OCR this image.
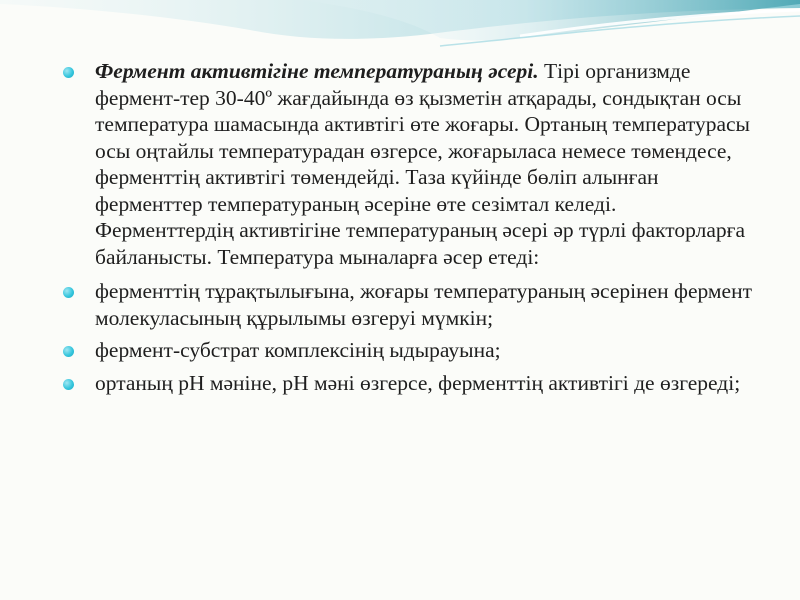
Фермент активтігіне температураның әсері. Тірі организмде фермент-тер 30-40º жағдайында өз қызметін атқарады, сондықтан осы температура шамасында активтігі өте жоғары. Ортаның температурасы осы оңтайлы температурадан өзгерсе, жоғарыласа немесе төмендесе, ферменттің активтігі төмендейді. Таза күйінде бөліп алынған ферменттер температураның әсеріне өте сезімтал келеді. Ферменттердің активтігіне температураның әсері әр түрлі факторларға байланысты. Температура мыналарға әсер етеді:
ферменттің тұрақтылығына, жоғары температураның әсерінен фермент молекуласының құрылымы өзгеруі мүмкін;
фермент-субстрат комплексінің ыдырауына;
ортаның рН мәніне, рН мәні өзгерсе, ферменттің активтігі де өзгереді;
